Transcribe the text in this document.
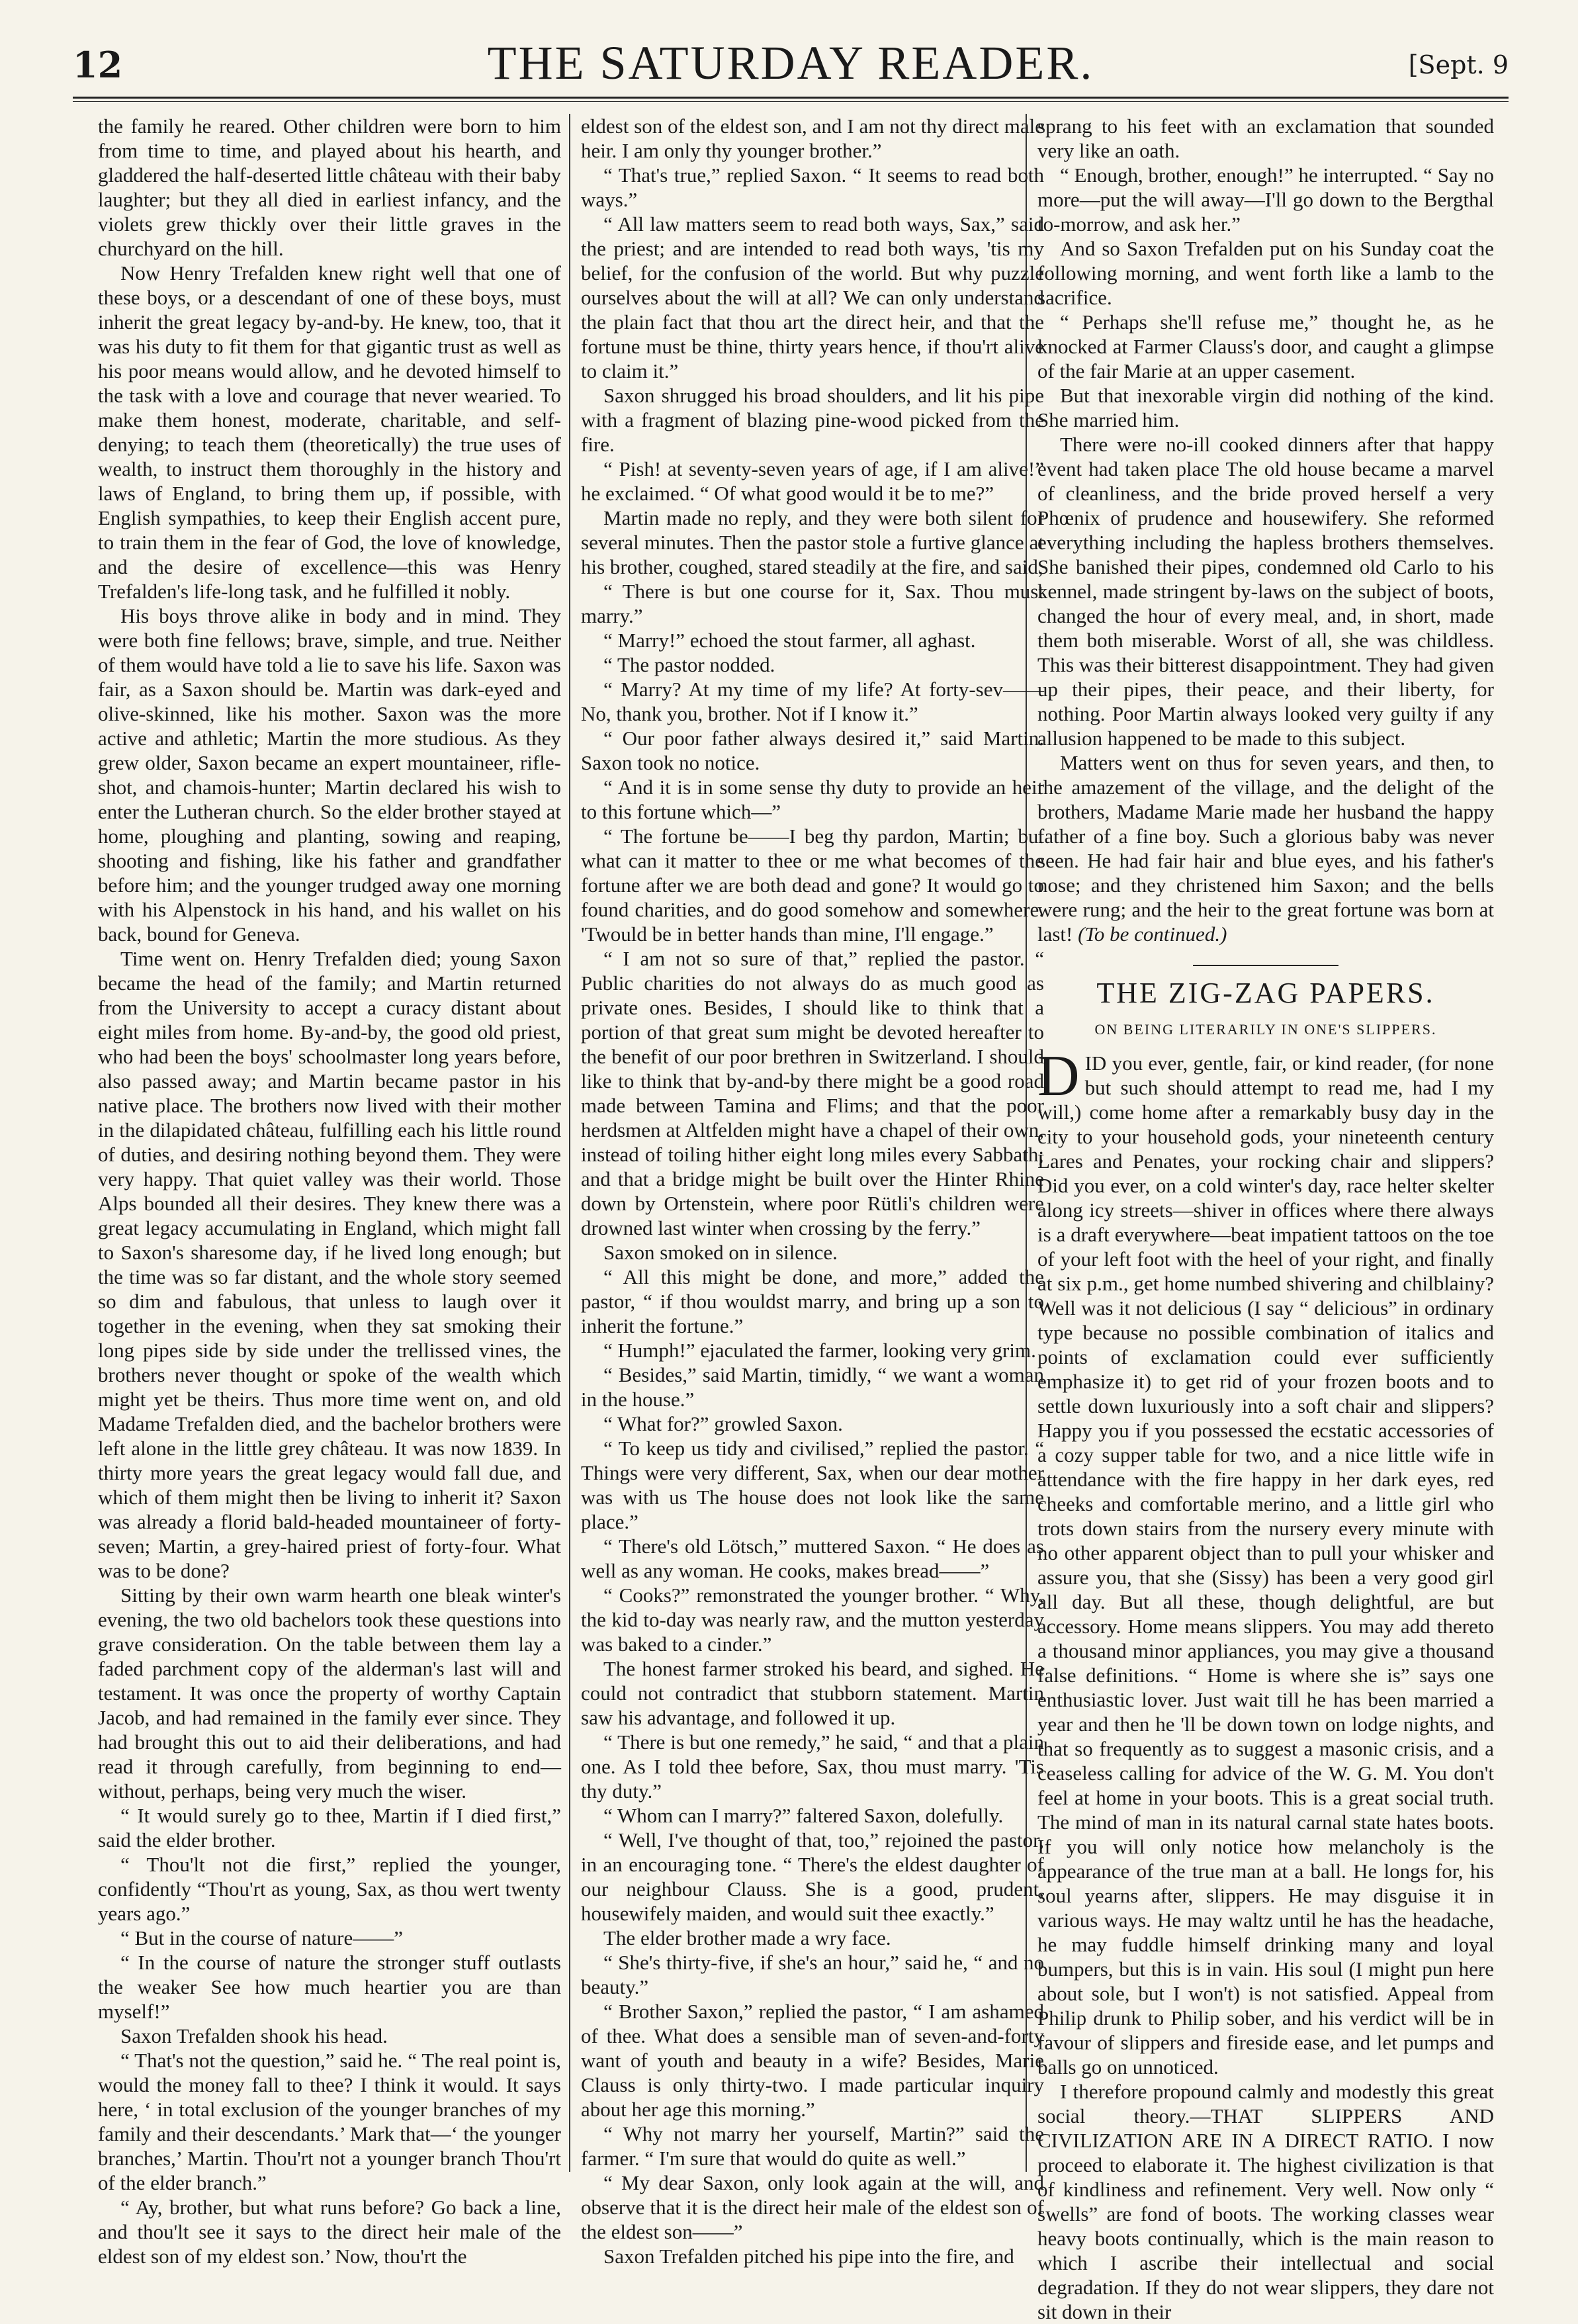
12	THE SATURDAY READER.	[Sept. 9

the family he reared. Other children were born to him from time to time, and played about his hearth, and gladdered the half-deserted little château with their baby laughter; but they all died in earliest infancy, and the violets grew thickly over their little graves in the churchyard on the hill.

Now Henry Trefalden knew right well that one of these boys, or a descendant of one of these boys, must inherit the great legacy by-and-by. He knew, too, that it was his duty to fit them for that gigantic trust as well as his poor means would allow, and he devoted himself to the task with a love and courage that never wearied. To make them honest, moderate, charitable, and self-denying; to teach them (theoretically) the true uses of wealth, to instruct them thoroughly in the history and laws of England, to bring them up, if possible, with English sympathies, to keep their English accent pure, to train them in the fear of God, the love of knowledge, and the desire of excellence—this was Henry Trefalden's life-long task, and he fulfilled it nobly.

His boys throve alike in body and in mind. They were both fine fellows; brave, simple, and true. Neither of them would have told a lie to save his life. Saxon was fair, as a Saxon should be. Martin was dark-eyed and olive-skinned, like his mother. Saxon was the more active and athletic; Martin the more studious. As they grew older, Saxon became an expert mountaineer, rifle-shot, and chamois-hunter; Martin declared his wish to enter the Lutheran church. So the elder brother stayed at home, ploughing and planting, sowing and reaping, shooting and fishing, like his father and grandfather before him; and the younger trudged away one morning with his Alpenstock in his hand, and his wallet on his back, bound for Geneva.

Time went on. Henry Trefalden died; young Saxon became the head of the family; and Martin returned from the University to accept a curacy distant about eight miles from home. By-and-by, the good old priest, who had been the boys' schoolmaster long years before, also passed away; and Martin became pastor in his native place. The brothers now lived with their mother in the dilapidated château, fulfilling each his little round of duties, and desiring nothing beyond them. They were very happy. That quiet valley was their world. Those Alps bounded all their desires. They knew there was a great legacy accumulating in England, which might fall to Saxon's sharesome day, if he lived long enough; but the time was so far distant, and the whole story seemed so dim and fabulous, that unless to laugh over it together in the evening, when they sat smoking their long pipes side by side under the trellissed vines, the brothers never thought or spoke of the wealth which might yet be theirs. Thus more time went on, and old Madame Trefalden died, and the bachelor brothers were left alone in the little grey château. It was now 1839. In thirty more years the great legacy would fall due, and which of them might then be living to inherit it? Saxon was already a florid bald-headed mountaineer of forty-seven; Martin, a grey-haired priest of forty-four. What was to be done?

Sitting by their own warm hearth one bleak winter's evening, the two old bachelors took these questions into grave consideration. On the table between them lay a faded parchment copy of the alderman's last will and testament. It was once the property of worthy Captain Jacob, and had remained in the family ever since. They had brought this out to aid their deliberations, and had read it through carefully, from beginning to end—without, perhaps, being very much the wiser.

“ It would surely go to thee, Martin if I died first,” said the elder brother.

“ Thou'lt not die first,” replied the younger, confidently “Thou'rt as young, Sax, as thou wert twenty years ago.”

“ But in the course of nature——”

“ In the course of nature the stronger stuff outlasts the weaker See how much heartier you are than myself!”

Saxon Trefalden shook his head.

“ That's not the question,” said he. “ The real point is, would the money fall to thee? I think it would. It says here, ‘ in total exclusion of the younger branches of my family and their descendants.’ Mark that—‘ the younger branches,’ Martin. Thou'rt not a younger branch Thou'rt of the elder branch.”

“ Ay, brother, but what runs before? Go back a line, and thou'lt see it says to the direct heir male of the eldest son of my eldest son.’ Now, thou'rt the

eldest son of the eldest son, and I am not thy direct male heir. I am only thy younger brother.”

“ That's true,” replied Saxon. “ It seems to read both ways.”

“ All law matters seem to read both ways, Sax,” said the priest; and are intended to read both ways, 'tis my belief, for the confusion of the world. But why puzzle ourselves about the will at all? We can only understand the plain fact that thou art the direct heir, and that the fortune must be thine, thirty years hence, if thou'rt alive to claim it.”

Saxon shrugged his broad shoulders, and lit his pipe with a fragment of blazing pine-wood picked from the fire.

“ Pish! at seventy-seven years of age, if I am alive!” he exclaimed. “ Of what good would it be to me?”

Martin made no reply, and they were both silent for several minutes. Then the pastor stole a furtive glance at his brother, coughed, stared steadily at the fire, and said,

“ There is but one course for it, Sax. Thou must marry.”

“ Marry!” echoed the stout farmer, all aghast.

“ The pastor nodded.

“ Marry? At my time of my life? At forty-sev—— No, thank you, brother. Not if I know it.”

“ Our poor father always desired it,” said Martin. Saxon took no notice.

“ And it is in some sense thy duty to provide an heir to this fortune which—”

“ The fortune be——I beg thy pardon, Martin; but what can it matter to thee or me what becomes of the fortune after we are both dead and gone? It would go to found charities, and do good somehow and somewhere. 'Twould be in better hands than mine, I'll engage.”

“ I am not so sure of that,” replied the pastor. “ Public charities do not always do as much good as private ones. Besides, I should like to think that a portion of that great sum might be devoted hereafter to the benefit of our poor brethren in Switzerland. I should like to think that by-and-by there might be a good road made between Tamina and Flims; and that the poor herdsmen at Altfelden might have a chapel of their own, instead of toiling hither eight long miles every Sabbath; and that a bridge might be built over the Hinter Rhine down by Ortenstein, where poor Rütli's children were drowned last winter when crossing by the ferry.”

Saxon smoked on in silence.

“ All this might be done, and more,” added the pastor, “ if thou wouldst marry, and bring up a son to inherit the fortune.”

“ Humph!” ejaculated the farmer, looking very grim.

“ Besides,” said Martin, timidly, “ we want a woman in the house.”

“ What for?” growled Saxon.

“ To keep us tidy and civilised,” replied the pastor. “ Things were very different, Sax, when our dear mother was with us The house does not look like the same place.”

“ There's old Lötsch,” muttered Saxon. “ He does as well as any woman. He cooks, makes bread——”

“ Cooks?” remonstrated the younger brother. “ Why, the kid to-day was nearly raw, and the mutton yesterday was baked to a cinder.”

The honest farmer stroked his beard, and sighed. He could not contradict that stubborn statement. Martin saw his advantage, and followed it up.

“ There is but one remedy,” he said, “ and that a plain one. As I told thee before, Sax, thou must marry. 'Tis thy duty.”

“ Whom can I marry?” faltered Saxon, dolefully.

“ Well, I've thought of that, too,” rejoined the pastor, in an encouraging tone. “ There's the eldest daughter of our neighbour Clauss. She is a good, prudent, housewifely maiden, and would suit thee exactly.”

The elder brother made a wry face.

“ She's thirty-five, if she's an hour,” said he, “ and no beauty.”

“ Brother Saxon,” replied the pastor, “ I am ashamed of thee. What does a sensible man of seven-and-forty want of youth and beauty in a wife? Besides, Marie Clauss is only thirty-two. I made particular inquiry about her age this morning.”

“ Why not marry her yourself, Martin?” said the farmer. “ I'm sure that would do quite as well.”

“ My dear Saxon, only look again at the will, and observe that it is the direct heir male of the eldest son of the eldest son——”

Saxon Trefalden pitched his pipe into the fire, and

sprang to his feet with an exclamation that sounded very like an oath.

“ Enough, brother, enough!” he interrupted. “ Say no more—put the will away—I'll go down to the Bergthal to-morrow, and ask her.”

And so Saxon Trefalden put on his Sunday coat the following morning, and went forth like a lamb to the sacrifice.

“ Perhaps she'll refuse me,” thought he, as he knocked at Farmer Clauss's door, and caught a glimpse of the fair Marie at an upper casement.

But that inexorable virgin did nothing of the kind. She married him.

There were no-ill cooked dinners after that happy event had taken place The old house became a marvel of cleanliness, and the bride proved herself a very Phœnix of prudence and housewifery. She reformed everything including the hapless brothers themselves. She banished their pipes, condemned old Carlo to his kennel, made stringent by-laws on the subject of boots, changed the hour of every meal, and, in short, made them both miserable. Worst of all, she was childless. This was their bitterest disappointment. They had given up their pipes, their peace, and their liberty, for nothing. Poor Martin always looked very guilty if any allusion happened to be made to this subject.

Matters went on thus for seven years, and then, to the amazement of the village, and the delight of the brothers, Madame Marie made her husband the happy father of a fine boy. Such a glorious baby was never seen. He had fair hair and blue eyes, and his father's nose; and they christened him Saxon; and the bells were rung; and the heir to the great fortune was born at last! (To be continued.)

THE ZIG-ZAG PAPERS.
ON BEING LITERARILY IN ONE'S SLIPPERS.

DID you ever, gentle, fair, or kind reader, (for none but such should attempt to read me, had I my will,) come home after a remarkably busy day in the city to your household gods, your nineteenth century Lares and Penates, your rocking chair and slippers? Did you ever, on a cold winter's day, race helter skelter along icy streets—shiver in offices where there always is a draft everywhere—beat impatient tattoos on the toe of your left foot with the heel of your right, and finally at six p.m., get home numbed shivering and chilblainy? Well was it not delicious (I say “ delicious” in ordinary type because no possible combination of italics and points of exclamation could ever sufficiently emphasize it) to get rid of your frozen boots and to settle down luxuriously into a soft chair and slippers? Happy you if you possessed the ecstatic accessories of a cozy supper table for two, and a nice little wife in attendance with the fire happy in her dark eyes, red cheeks and comfortable merino, and a little girl who trots down stairs from the nursery every minute with no other apparent object than to pull your whisker and assure you, that she (Sissy) has been a very good girl all day. But all these, though delightful, are but accessory. Home means slippers. You may add thereto a thousand minor appliances, you may give a thousand false definitions. “ Home is where she is” says one enthusiastic lover. Just wait till he has been married a year and then he 'll be down town on lodge nights, and that so frequently as to suggest a masonic crisis, and a ceaseless calling for advice of the W. G. M. You don't feel at home in your boots. This is a great social truth. The mind of man in its natural carnal state hates boots. If you will only notice how melancholy is the appearance of the true man at a ball. He longs for, his soul yearns after, slippers. He may disguise it in various ways. He may waltz until he has the headache, he may fuddle himself drinking many and loyal bumpers, but this is in vain. His soul (I might pun here about sole, but I won't) is not satisfied. Appeal from Philip drunk to Philip sober, and his verdict will be in favour of slippers and fireside ease, and let pumps and balls go on unnoticed.

I therefore propound calmly and modestly this great social theory.—THAT SLIPPERS AND CIVILIZATION ARE IN A DIRECT RATIO. I now proceed to elaborate it. The highest civilization is that of kindliness and refinement. Very well. Now only “ swells” are fond of boots. The working classes wear heavy boots continually, which is the main reason to which I ascribe their intellectual and social degradation. If they do not wear slippers, they dare not sit down in their
